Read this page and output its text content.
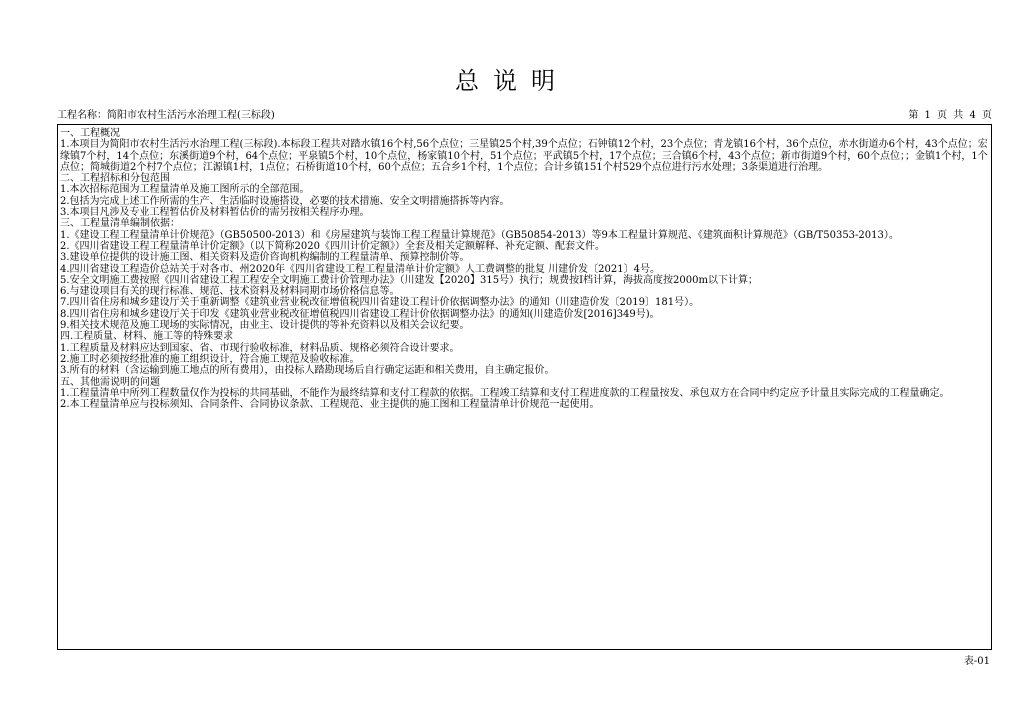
总说明
工程名称：简阳市农村生活污水治理工程(三标段)	第 1 页 共 4 页
一、工程概况
1.本项目为简阳市农村生活污水治理工程(三标段).本标段工程共对踏水镇16个村,56个点位；三星镇25个村,39个点位；石钟镇12个村，23个点位；青龙镇16个村，36个点位，赤水街道办6个村，43个点位；宏缘镇7个村，14个点位；东溪街道9个村，64个点位；平泉镇5个村，10个点位，杨家镇10个村，51个点位；平武镇5个村，17个点位；三合镇6个村，43个点位；新市街道9个村，60个点位；；金镇1个村，1个点位；简城街道2个村7个点位；江源镇1村，1点位；石桥街道10个村，60个点位；五合乡1个村，1个点位；合计乡镇151个村529个点位进行污水处理；3条渠道进行治理。
二、工程招标和分包范围
1.本次招标范围为工程量清单及施工图所示的全部范围。
2.包括为完成上述工作所需的生产、生活临时设施搭设，必要的技术措施、安全文明措施搭拆等内容。
3.本项目凡涉及专业工程暂估价及材料暂估价的需另按相关程序办理。
三、工程量清单编制依据：
1.《建设工程工程量清单计价规范》（GB50500-2013）和《房屋建筑与装饰工程工程量计算规范》（GB50854-2013）等9本工程量计算规范、《建筑面积计算规范》（GB/T50353-2013）。
2.《四川省建设工程工程量清单计价定额》（以下简称2020《四川计价定额》）全套及相关定额解释、补充定额、配套文件。
3.建设单位提供的设计施工图、相关资料及造价咨询机构编制的工程量清单、预算控制价等。
4.四川省建设工程造价总站关于对各市、州2020年《四川省建设工程工程量清单计价定额》人工费调整的批复 川建价发〔2021〕4号。
5.安全文明施工费按照《四川省建设工程工程安全文明施工费计价管理办法》（川建发【2020】315号）执行；规费按Ⅰ档计算，海拔高度按2000m以下计算；
6.与建设项目有关的现行标准、规范、技术资料及材料同期市场价格信息等。
7.四川省住房和城乡建设厅关于重新调整《建筑业营业税改征增值税四川省建设工程计价依据调整办法》的通知（川建造价发〔2019〕181号）。
8.四川省住房和城乡建设厅关于印发《建筑业营业税改征增值税四川省建设工程计价依据调整办法》的通知(川建造价发[2016]349号)。
9.相关技术规范及施工现场的实际情况，由业主、设计提供的等补充资料以及相关会议纪要。
四.工程质量、材料、施工等的特殊要求
1.工程质量及材料应达到国家、省、市现行验收标准，材料品质、规格必须符合设计要求。
2.施工时必须按经批准的施工组织设计，符合施工规范及验收标准。
3.所有的材料（含运输到施工地点的所有费用），由投标人踏勘现场后自行确定运距和相关费用，自主确定报价。
五、其他需说明的问题
1.工程量清单中所列工程数量仅作为投标的共同基础，不能作为最终结算和支付工程款的依据。工程竣工结算和支付工程进度款的工程量按发、承包双方在合同中约定应予计量且实际完成的工程量确定。
2.本工程量清单应与投标须知、合同条件、合同协议条款、工程规范、业主提供的施工图和工程量清单计价规范一起使用。
表-01
